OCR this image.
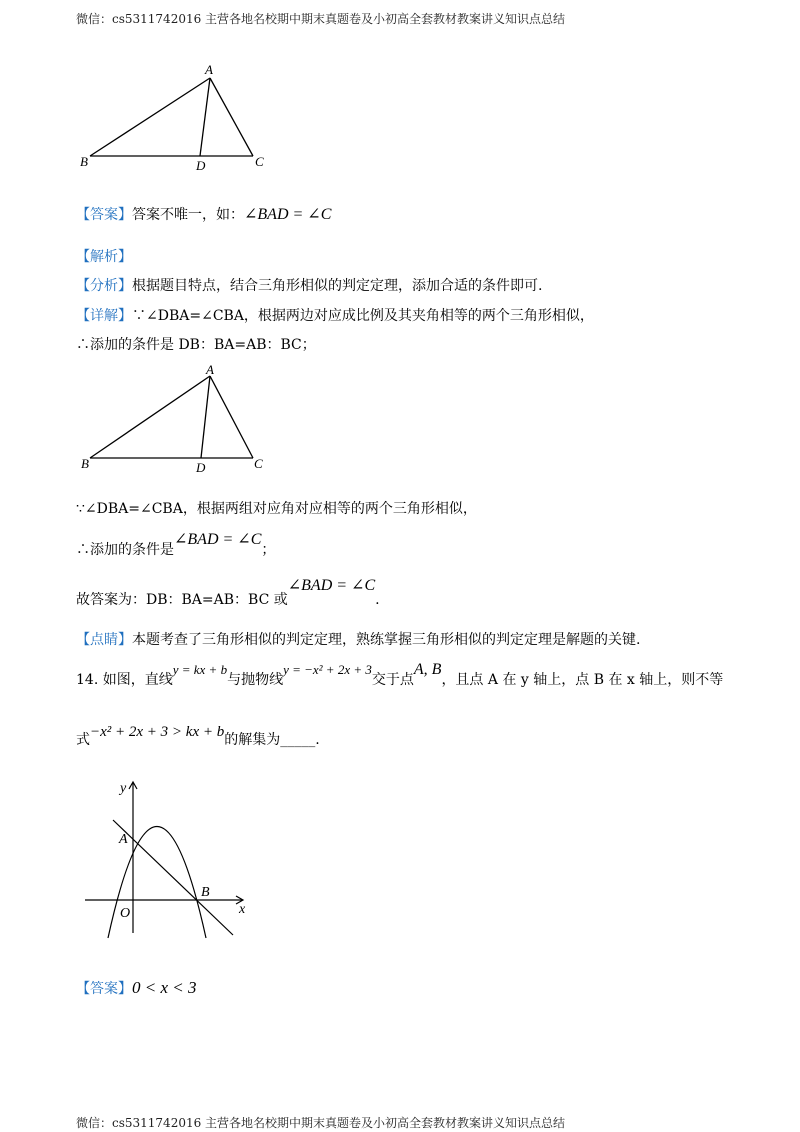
微信：cs5311742016 主营各地名校期中期末真题卷及小初高全套教材教案讲义知识点总结
A
B	C
D
【答案】答案不唯一，如：∠BAD = ∠C
【解析】
【分析】根据题目特点，结合三角形相似的判定定理，添加合适的条件即可.
【详解】∵∠DBA=∠CBA，根据两边对应成比例及其夹角相等的两个三角形相似，
∴添加的条件是 DB：BA=AB：BC；
A
B	C
D
∵∠DBA=∠CBA，根据两组对应角对应相等的两个三角形相似，
∴添加的条件是∠BAD = ∠C；
故答案为：DB：BA=AB：BC 或∠BAD = ∠C.
【点睛】本题考查了三角形相似的判定定理，熟练掌握三角形相似的判定定理是解题的关键.
14. 如图，直线y = kx + b与抛物线y = −x² + 2x + 3交于点A, B，且点 A 在 y 轴上，点 B 在 x 轴上，则不等
式−x² + 2x + 3 > kx + b的解集为_____.
y
x
A
B
O
【答案】0 < x < 3
微信：cs5311742016 主营各地名校期中期末真题卷及小初高全套教材教案讲义知识点总结
